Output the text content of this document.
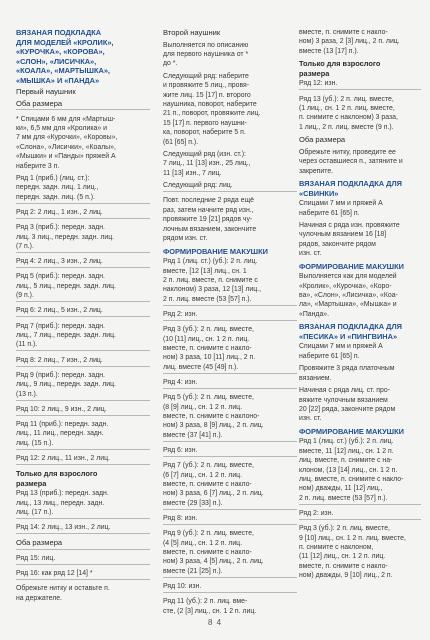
ВЯЗАНАЯ ПОДКЛАДКА
ДЛЯ МОДЕЛЕЙ «КРОЛИК»,
«КУРОЧКА», «КОРОВА»,
«СЛОН», «ЛИСИЧКА»,
«КОАЛА», «МАРТЫШКА»,
«МЫШКА» И «ПАНДА»
Первый наушник
Оба размера
* Спицами 6 мм для «Мартыш-
ки», 6,5 мм для «Кролика» и
7 мм для «Курочки», «Коровы»,
«Слона», «Лисички», «Коалы»,
«Мышки» и «Панды» пряжей А
наберите 3 п.
Ряд 1 (приб.) (лиц. ст.):
передн. задн. лиц. 1 лиц.,
передн. задн. лиц. (5 п.).
Ряд 2: 2 лиц., 1 изн., 2 лиц.
Ряд 3 (приб.): передн. задн.
лиц. 3 лиц., передн. задн. лиц.
(7 п.).
Ряд 4: 2 лиц., 3 изн., 2 лиц.
Ряд 5 (приб.): передн. задн.
лиц., 5 лиц., передн. задн. лиц.
(9 п.).
Ряд 6: 2 лиц., 5 изн., 2 лиц.
Ряд 7 (приб.): передн. задн.
лиц., 7 лиц., передн. задн. лиц.
(11 п.).
Ряд 8: 2 лиц., 7 изн., 2 лиц.
Ряд 9 (приб.): передн. задн.
лиц., 9 лиц., передн. задн. лиц.
(13 п.).
Ряд 10: 2 лиц., 9 изн., 2 лиц.
Ряд 11 (приб.): передн. задн.
лиц., 11 лиц., передн. задн.
лиц. (15 п.).
Ряд 12: 2 лиц., 11 изн., 2 лиц.
Только для взрослого
размера
Ряд 13 (приб.): передн. задн.
лиц., 13 лиц., передн. задн.
лиц. (17 п.).
Ряд 14: 2 лиц., 13 изн., 2 лиц.
Оба размера
Ряд 15: лиц.
Ряд 16: как ряд 12 [14] *
Обрежьте нитку и оставьте п.
на держателе.
Второй наушник
Выполняется по описанию
для первого наушника от *
до *.
Следующий ряд: наберите
и провяжите 5 лиц., провя-
жите лиц. 15 [17] п. второго
наушника, поворот, наберите
21 п., поворот, провяжите лиц.
15 [17] п. первого наушни-
ка, поворот, наберите 5 п.
(61 [65] п.).
Следующий ряд (изн. ст.):
7 лиц., 11 [13] изн., 25 лиц.,
11 [13] изн., 7 лиц.
Следующий ряд: лиц.
Повт. последние 2 ряда ещё
раз, затем начните ряд изн.,
провяжите 19 [21] рядов чу-
лочным вязанием, закончите
рядом изн. ст.
ФОРМИРОВАНИЕ МАКУШКИ
Ряд 1 (лиц. ст.) (уб.): 2 п. лиц.
вместе, [12 [13] лиц., сн. 1
2 п. лиц. вместе, п. снимите с
наклоном) 3 раза, 12 [13] лиц.,
2 п. лиц. вместе (53 [57] п.).
Ряд 2: изн.
Ряд 3 (уб.): 2 п. лиц. вместе,
(10 [11] лиц., сн. 1 2 п. лиц.
вместе, п. снимите с накло-
ном) 3 раза, 10 [11] лиц., 2 п.
лиц. вместе (45 [49] п.).
Ряд 4: изн.
Ряд 5 (уб.): 2 п. лиц. вместе,
(8 [9] лиц., сн. 1 2 п. лиц.
вместе, п. снимите с наклоно-
ном) 3 раза, 8 [9] лиц., 2 п. лиц.
вместе (37 [41] п.).
Ряд 6: изн.
Ряд 7 (уб.): 2 п. лиц. вместе,
(6 [7] лиц., сн. 1 2 п. лиц.
вместе, п. снимите с накло-
ном) 3 раза, 6 [7] лиц., 2 п. лиц.
вместе (29 [33] п.).
Ряд 8: изн.
Ряд 9 (уб.): 2 п. лиц. вместе,
(4 [5] лиц., сн. 1 2 п. лиц.
вместе, п. снимите с накло-
ном) 3 раза, 4 [5] лиц., 2 п. лиц.
вместе (21 [25] п.).
Ряд 10: изн.
Ряд 11 (уб.): 2 п. лиц. вме-
сте, (2 [3] лиц., сн. 1 2 п. лиц.
вместе, п. снимите с накло-
ном) 3 раза, 2 [3] лиц., 2 п. лиц.
вместе (13 [17] п.).
Только для взрослого
размера
Ряд 12: изн.
Ряд 13 (уб.): 2 п. лиц. вместе,
(1 лиц., сн. 1 2 п. лиц. вместе,
п. снимите с наклоном) 3 раза,
1 лиц., 2 п. лиц. вместе (9 п.).
Оба размера
Обрежьте нитку, проведите ее
через оставшиеся п., затяните и
закрепите.
ВЯЗАНАЯ ПОДКЛАДКА ДЛЯ
«СВИНКИ»
Спицами 7 мм и пряжей А
наберите 61 [65] п.
Начиная с ряда изн. провяжите
чулочным вязанием 16 [18]
рядов, закончите рядом
изн. ст.
ФОРМИРОВАНИЕ МАКУШКИ
Выполняется как для моделей
«Кролик», «Курочка», «Коро-
ва», «Слон», «Лисичка», «Коа-
ла», «Мартышка», «Мышка» и
«Панда».
ВЯЗАНАЯ ПОДКЛАДКА ДЛЯ
«ПЕСИКА» И «ПИНГВИНА»
Спицами 7 мм и пряжей А
наберите 61 [65] п.
Провяжите 3 ряда платочным
вязанием.
Начиная с ряда лиц. ст. про-
вяжите чулочным вязанием
20 [22] ряда, закончите рядом
изн. ст.
ФОРМИРОВАНИЕ МАКУШКИ
Ряд 1 (лиц. ст.) (уб.): 2 п. лиц.
вместе, 11 [12] лиц., сн. 1 2 п.
лиц. вместе, п. снимите с на-
клоном, (13 [14] лиц., сн. 1 2 п.
лиц. вместе, п. снимите с накло-
ном) дважды, 11 [12] лиц.,
2 п. лиц. вместе (53 [57] п.).
Ряд 2: изн.
Ряд 3 (уб.): 2 п. лиц. вместе,
9 [10] лиц., сн. 1 2 п. лиц. вместе,
п. снимите с наклоном,
(11 [12] лиц., сн. 1 2 п. лиц.
вместе, п. снимите с накло-
ном) дважды, 9 [10] лиц., 2 п.
8 4
